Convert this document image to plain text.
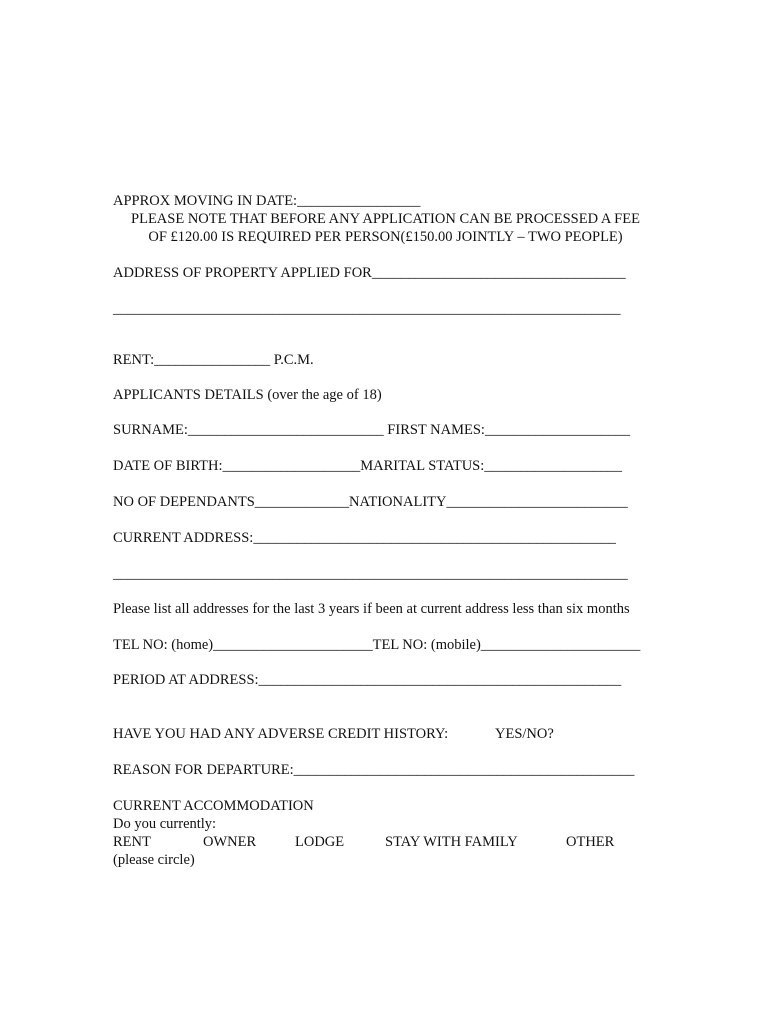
APPROX MOVING IN DATE:_________________
PLEASE NOTE THAT BEFORE ANY APPLICATION CAN BE PROCESSED A FEE
OF £120.00 IS REQUIRED PER PERSON(£150.00 JOINTLY – TWO PEOPLE)
ADDRESS OF PROPERTY APPLIED FOR___________________________________
______________________________________________________________________
RENT:________________ P.C.M.
APPLICANTS DETAILS (over the age of 18)
SURNAME:___________________________ FIRST NAMES:____________________
DATE OF BIRTH:___________________MARITAL STATUS:___________________
NO OF DEPENDANTS_____________NATIONALITY_________________________
CURRENT ADDRESS:__________________________________________________
_______________________________________________________________________
Please list all addresses for the last 3 years if been at current address less than six months
TEL NO: (home)______________________TEL NO: (mobile)______________________
PERIOD AT ADDRESS:__________________________________________________
HAVE YOU HAD ANY ADVERSE CREDIT HISTORY:	YES/NO?
REASON FOR DEPARTURE:_______________________________________________
CURRENT ACCOMMODATION
Do you currently:
RENT	OWNER	LODGE	STAY WITH FAMILY	OTHER
(please circle)
